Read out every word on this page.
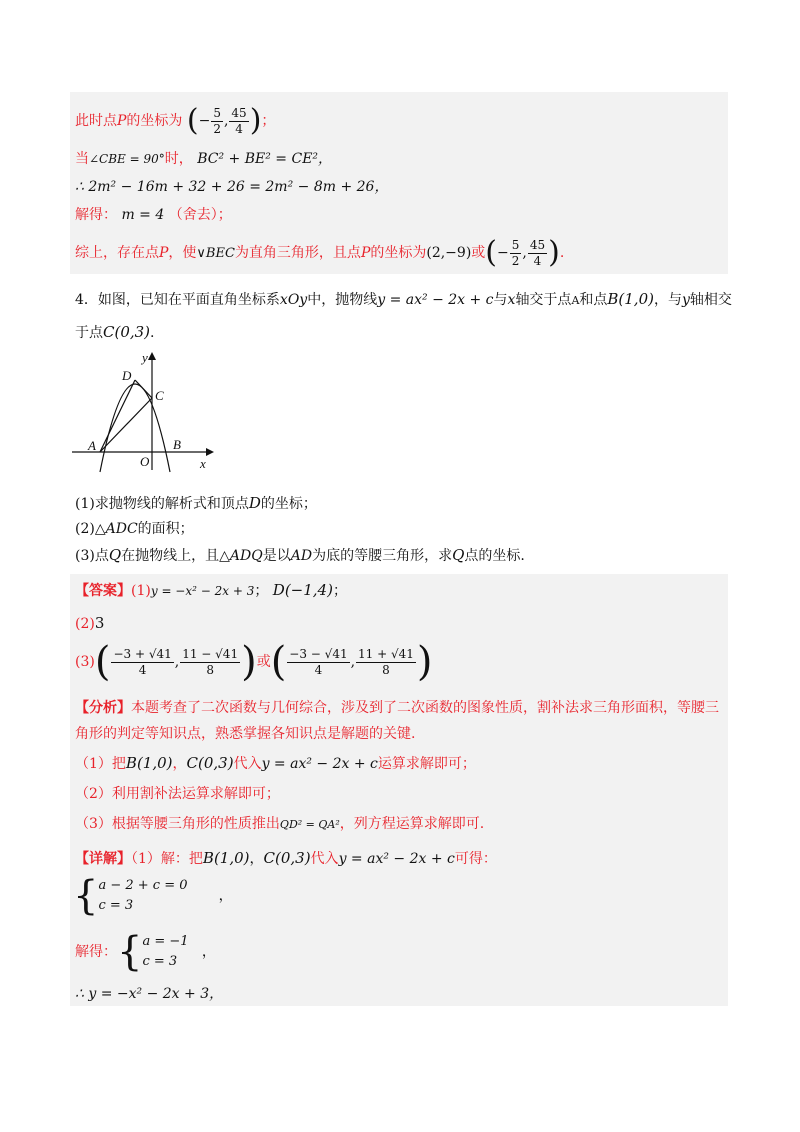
此时点P的坐标为 (− $\frac{5}{2}$ , $\frac{45}{4}$ )；
当∠CBE = 90°时， BC² + BE² = CE²，
∴ 2m² − 16m + 32 + 26 = 2m² − 8m + 26，
解得： m = 4 （舍去）；
综上，存在点P，使∨BEC为直角三角形，且点P的坐标为(2,−9)或(− $\frac{5}{2}$ , $\frac{45}{4}$ ).
4．如图，已知在平面直角坐标系xOy中，抛物线y = ax² − 2x + c与x轴交于点A和点B(1,0)，与y轴相交
于点C(0,3).
y
x
D
C
A	B
O
(1)求抛物线的解析式和顶点D的坐标；
(2)△ADC的面积；
(3)点Q在抛物线上，且△ADQ是以AD为底的等腰三角形，求Q点的坐标.
【答案】(1)y = −x² − 2x + 3； D(−1,4)；
(2)3
$(3)( \frac{-3 + √41}{4}$ , $\frac{11 - √41}{8}$ )或( $\frac{-3 - √41}{4}$ , $\frac{11 + √41}{8}$ )
【分析】本题考查了二次函数与几何综合，涉及到了二次函数的图象性质，割补法求三角形面积，等腰三
角形的判定等知识点，熟悉掌握各知识点是解题的关键.
（1）把B(1,0)，C(0,3)代入y = ax² − 2x + c运算求解即可；
（2）利用割补法运算求解即可；
（3）根据等腰三角形的性质推出QD² = QA²，列方程运算求解即可.
【详解】（1）解：把B(1,0)，C(0,3)代入y = ax² − 2x + c可得：
{a − 2 + c = 0
c = 3       ，
解得：{a = −1
c = 3   ，
∴ y = −x² − 2x + 3，
